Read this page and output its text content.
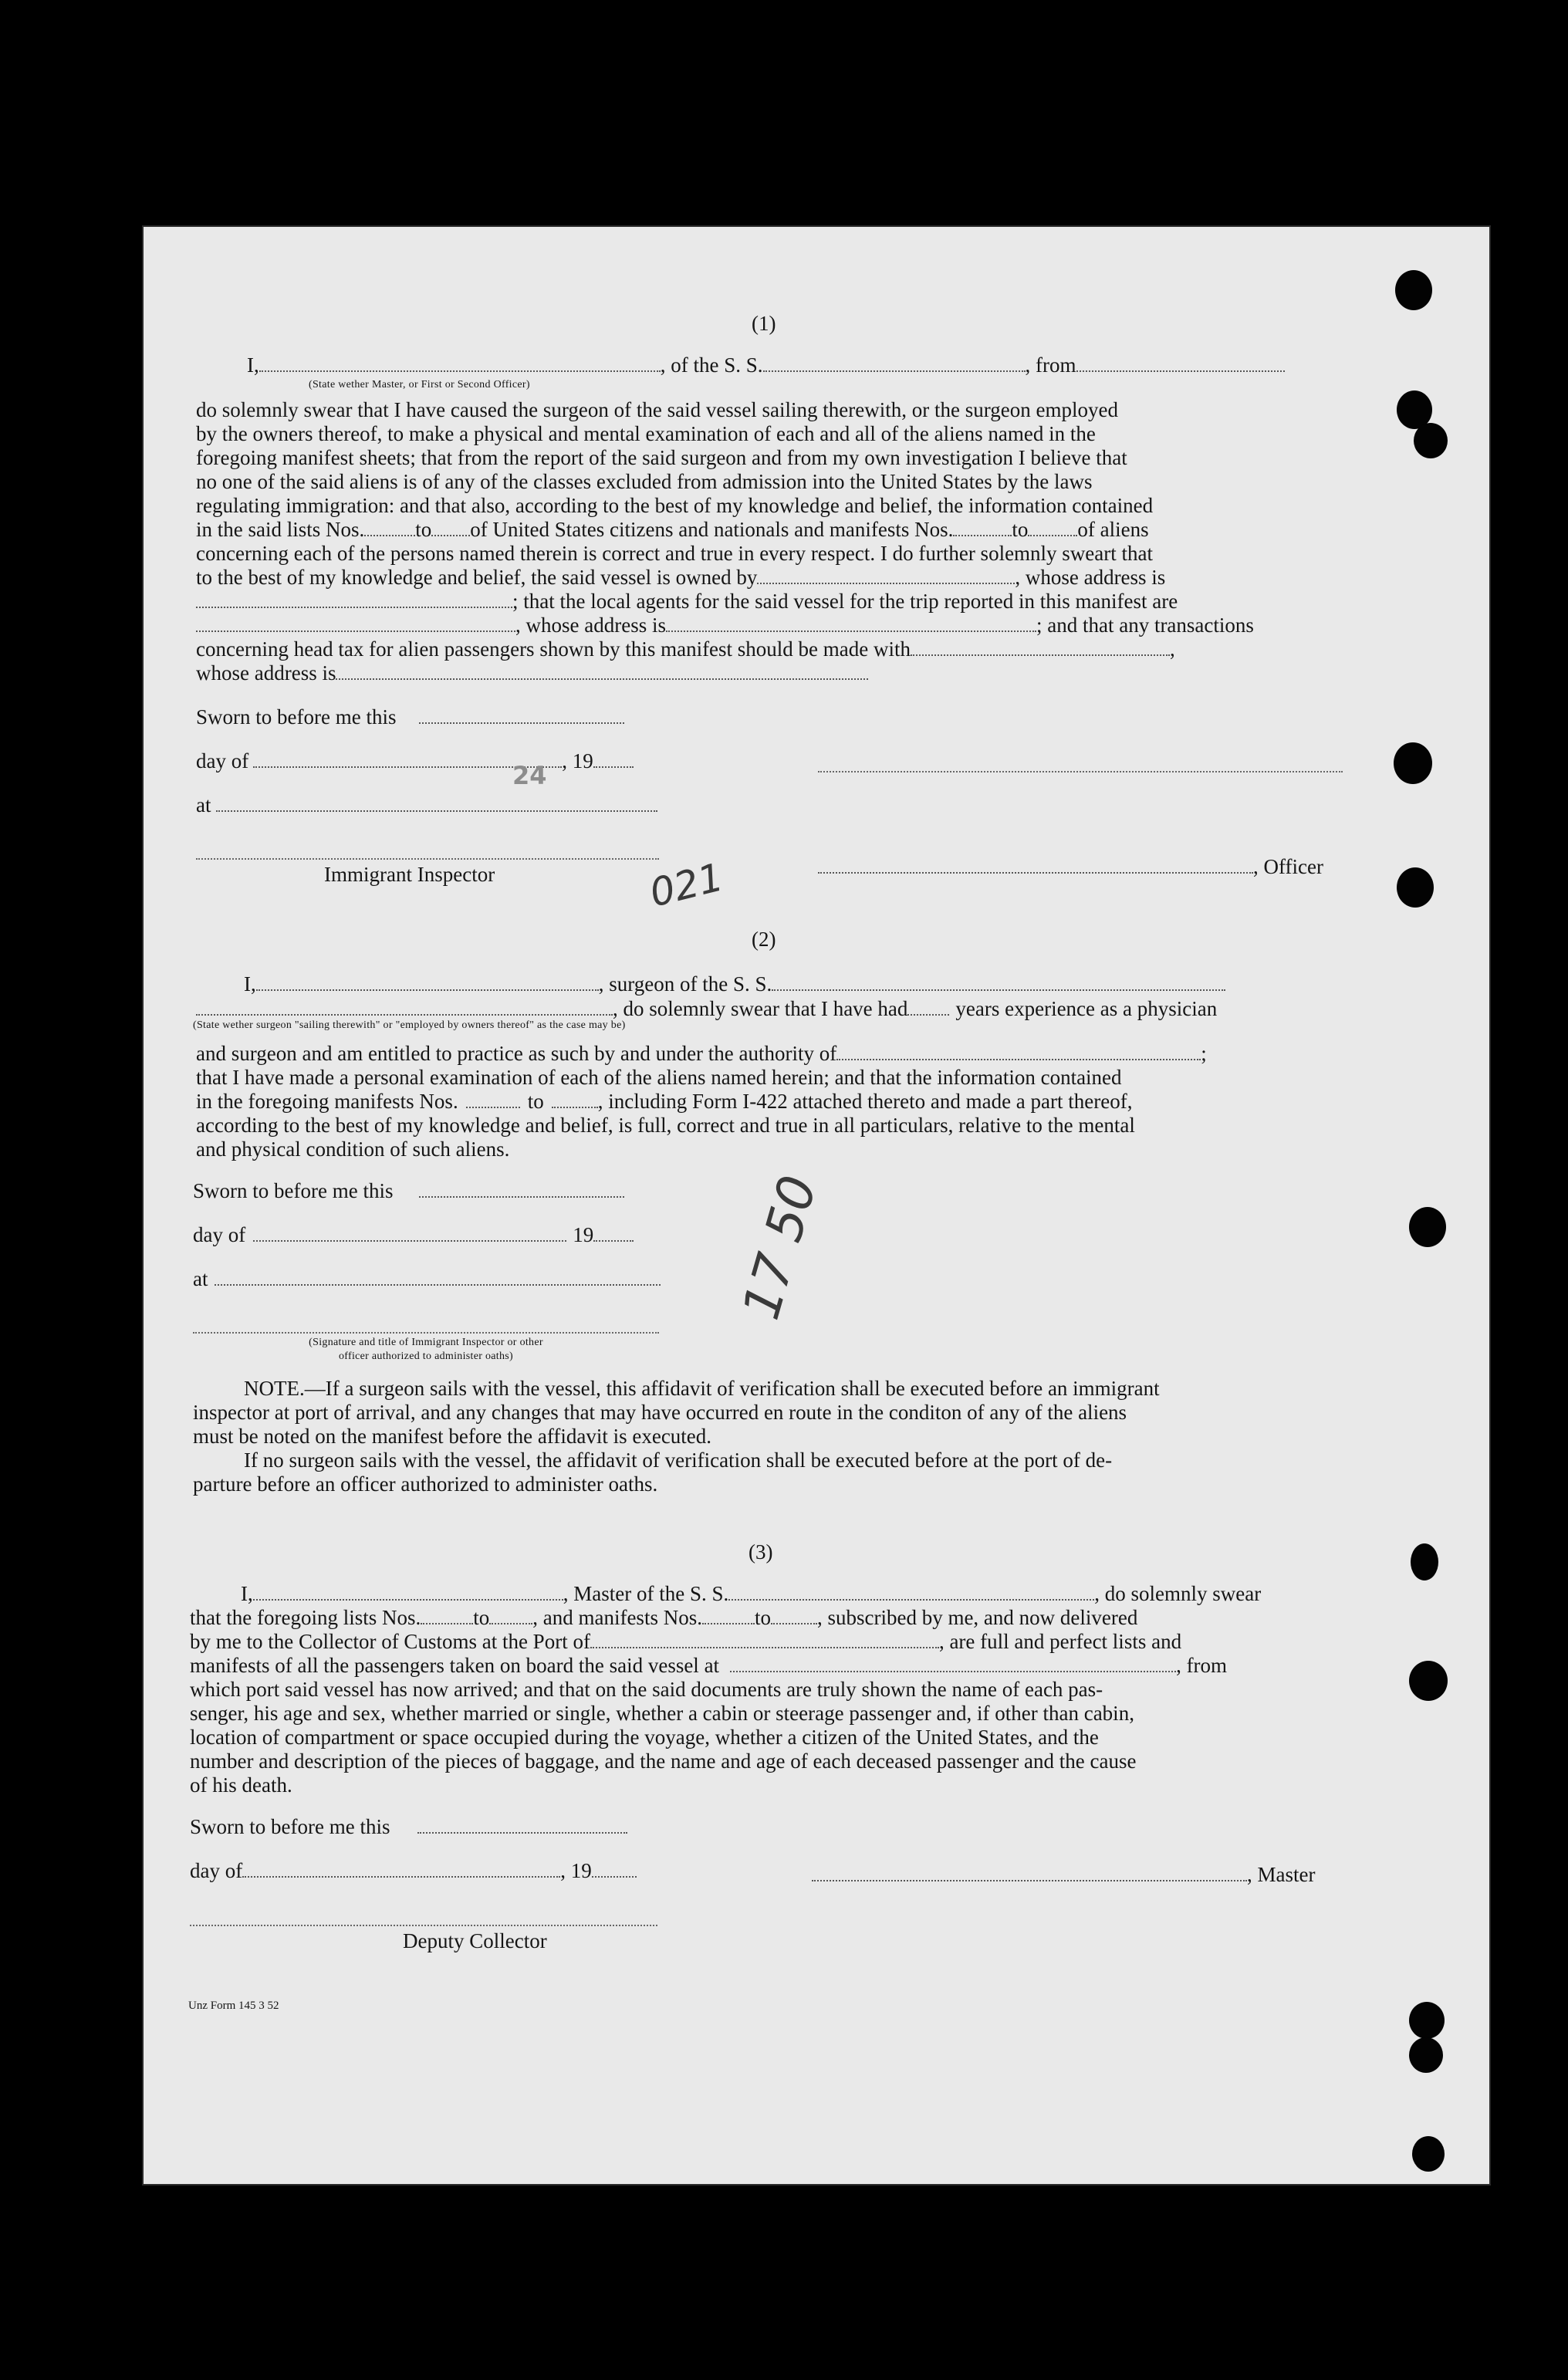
(1)
I,	, of the S. S.	, from
(State wether Master, or First or Second Officer)
do solemnly swear that I have caused the surgeon of the said vessel sailing therewith, or the surgeon employed
by the owners thereof, to make a physical and mental examination of each and all of the aliens named in the
foregoing manifest sheets; that from the report of the said surgeon and from my own investigation I believe that
no one of the said aliens is of any of the classes excluded from admission into the United States by the laws
regulating immigration: and that also, according to the best of my knowledge and belief, the information contained
in the said lists Nos. to of United States citizens and nationals and manifests Nos.	to of aliens
concerning each of the persons named therein is correct and true in every respect. I do further solemnly sweart that
to the best of my knowledge and belief, the said vessel is owned by	, whose address is
; that the local agents for the said vessel for the trip reported in this manifest are
, whose address is	; and that any transactions
concerning head tax for alien passengers shown by this manifest should be made with	,
whose address is
Sworn to before me this
day of	, 19
at
Immigrant Inspector	, Officer
(2)
I,	, surgeon of the S. S.
, do solemnly swear that I have had years experience as a physician
(State wether surgeon "sailing therewith" or "employed by owners thereof" as the case may be)
and surgeon and am entitled to practice as such by and under the authority of	;
that I have made a personal examination of each of the aliens named herein; and that the information contained
in the foregoing manifests Nos.	to	, including Form I-422 attached thereto and made a part thereof,
according to the best of my knowledge and belief, is full, correct and true in all particulars, relative to the mental
and physical condition of such aliens.
Sworn to before me this
day of	19
at
(Signature and title of Immigrant Inspector or other
officer authorized to administer oaths)
NOTE.—If a surgeon sails with the vessel, this affidavit of verification shall be executed before an immigrant
inspector at port of arrival, and any changes that may have occurred en route in the conditon of any of the aliens
must be noted on the manifest before the affidavit is executed.
If no surgeon sails with the vessel, the affidavit of verification shall be executed before at the port of de-
parture before an officer authorized to administer oaths.
(3)
I,	, Master of the S. S.	, do solemnly swear
that the foregoing lists Nos.	to , and manifests Nos.	to , subscribed by me, and now delivered
by me to the Collector of Customs at the Port of	, are full and perfect lists and
manifests of all the passengers taken on board the said vessel at	, from
which port said vessel has now arrived; and that on the said documents are truly shown the name of each pas-
senger, his age and sex, whether married or single, whether a cabin or steerage passenger and, if other than cabin,
location of compartment or space occupied during the voyage, whether a citizen of the United States, and the
number and description of the pieces of baggage, and the name and age of each deceased passenger and the cause
of his death.
Sworn to before me this
day of	, 19	, Master
Deputy Collector
Unz Form 145 3 52
021
17 50
24
